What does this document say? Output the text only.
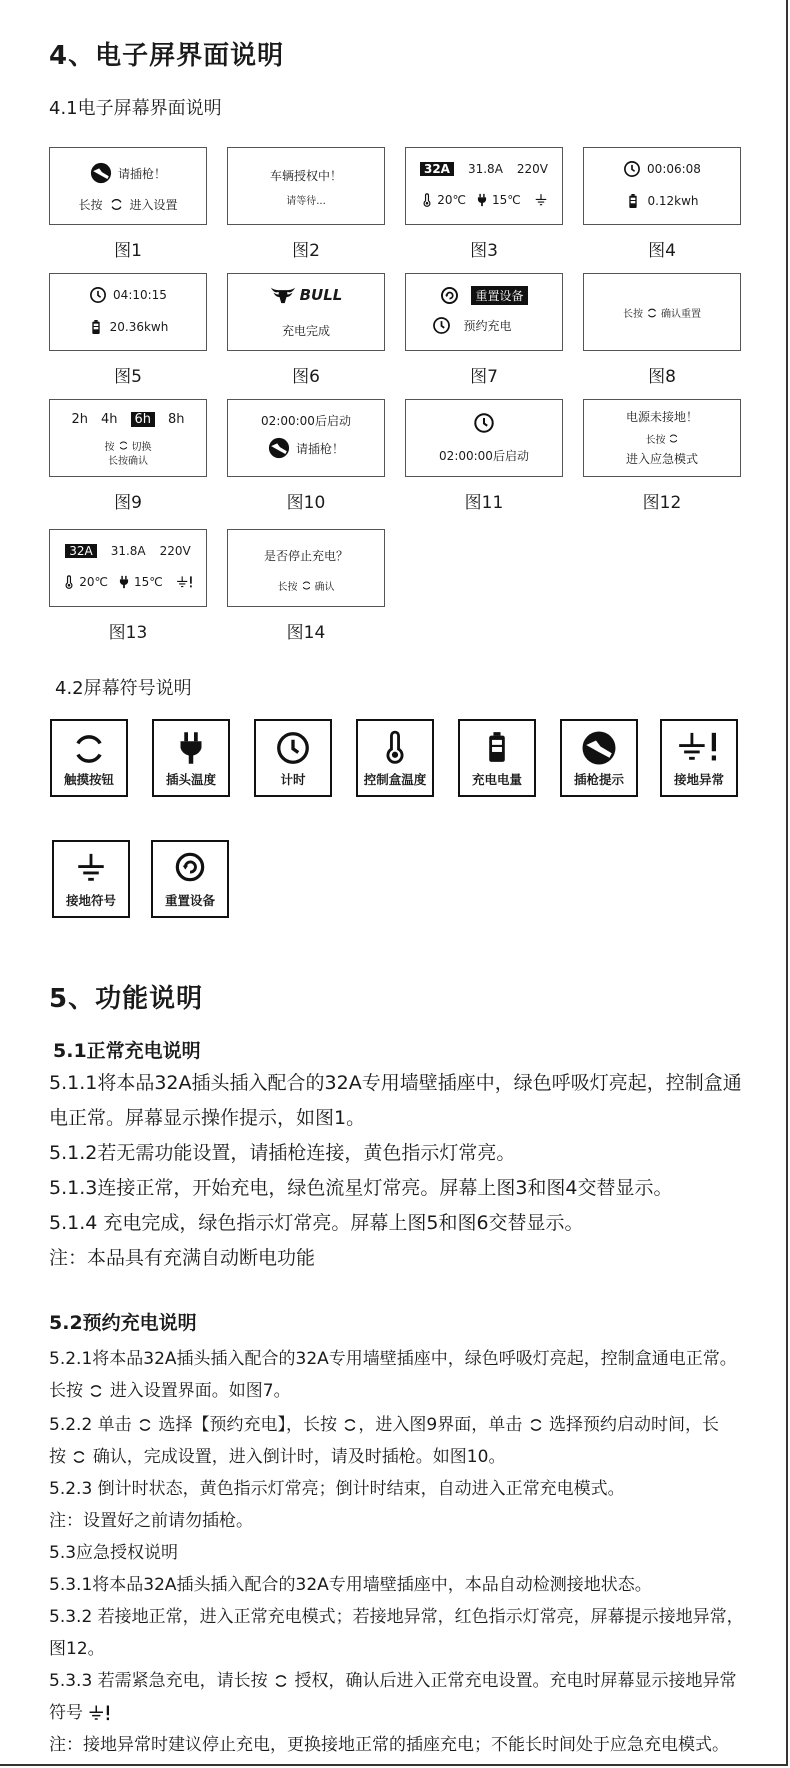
4、电子屏界面说明
4.1电子屏幕界面说明
请插枪！
长按 进入设置
图1
车辆授权中！
请等待...
图2
32A	31.8A 220V
20℃ 15℃
图3
00:06:08
0.12kwh
图4
04:10:15
20.36kwh
图5
BULL
充电完成
图6
重置设备
预约充电
图7
长按 确认重置
图8
2h 4h	6h	8h
按 切换
长按确认
图9
02:00:00后启动
请插枪！
图10
02:00:00后启动
图11
电源未接地！
长按
进入应急模式
图12
32A	31.8A 220V
20℃ 15℃
图13
是否停止充电？
长按 确认
图14
4.2屏幕符号说明
触摸按钮	插头温度	计时	控制盒温度	充电电量	插枪提示	接地异常
接地符号	重置设备
5、功能说明
5.1正常充电说明

5.1.1将本品32A插头插入配合的32A专用墙壁插座中，绿色呼吸灯亮起，控制盒通电正常。屏幕显示操作提示，如图1。

5.1.2若无需功能设置，请插枪连接，黄色指示灯常亮。

5.1.3连接正常，开始充电，绿色流星灯常亮。屏幕上图3和图4交替显示。

5.1.4 充电完成，绿色指示灯常亮。屏幕上图5和图6交替显示。

注：本品具有充满自动断电功能

5.2预约充电说明

5.2.1将本品32A插头插入配合的32A专用墙壁插座中，绿色呼吸灯亮起，控制盒通电正常。

长按 进入设置界面。如图7。

5.2.2 单击 选择【预约充电】，长按 ，进入图9界面，单击 选择预约启动时间，长

按 确认，完成设置，进入倒计时，请及时插枪。如图10。

5.2.3 倒计时状态，黄色指示灯常亮；倒计时结束，自动进入正常充电模式。

注：设置好之前请勿插枪。

5.3应急授权说明

5.3.1将本品32A插头插入配合的32A专用墙壁插座中，本品自动检测接地状态。

5.3.2 若接地正常，进入正常充电模式；若接地异常，红色指示灯常亮，屏幕提示接地异常，图12。

5.3.3 若需紧急充电，请长按 授权，确认后进入正常充电设置。充电时屏幕显示接地异常

符号

注：接地异常时建议停止充电，更换接地正常的插座充电；不能长时间处于应急充电模式。
